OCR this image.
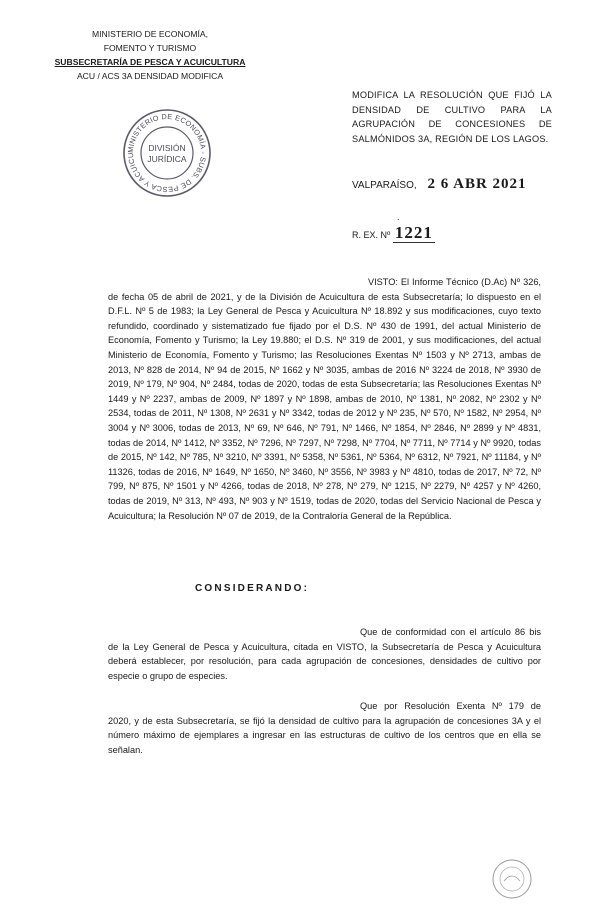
MINISTERIO DE ECONOMÍA,
FOMENTO Y TURISMO
SUBSECRETARÍA DE PESCA Y ACUICULTURA
ACU / ACS 3A DENSIDAD MODIFICA
MINISTERIO DE ECONOMÍA - SUBS. DE PESCA Y ACUICU
DIVISIÓN
JURÍDICA
MODIFICA LA RESOLUCIÓN QUE FIJÓ LA DENSIDAD DE CULTIVO PARA LA AGRUPACIÓN DE CONCESIONES DE SALMÓNIDOS 3A, REGIÓN DE LOS LAGOS.
VALPARAÍSO, 2 6 ABR 2021
.
R. EX. Nº 1221
VISTO: El Informe Técnico (D.Ac) Nº 326, de fecha 05 de abril de 2021, y de la División de Acuicultura de esta Subsecretaría; lo dispuesto en el D.F.L. Nº 5 de 1983; la Ley General de Pesca y Acuicultura Nº 18.892 y sus modificaciones, cuyo texto refundido, coordinado y sistematizado fue fijado por el D.S. Nº 430 de 1991, del actual Ministerio de Economía, Fomento y Turismo; la Ley 19.880; el D.S. Nº 319 de 2001, y sus modificaciones, del actual Ministerio de Economía, Fomento y Turismo; las Resoluciones Exentas Nº 1503 y Nº 2713, ambas de 2013, Nº 828 de 2014, Nº 94 de 2015, Nº 1662 y Nº 3035, ambas de 2016 Nº 3224 de 2018, Nº 3930 de 2019, Nº 179, Nº 904, Nº 2484, todas de 2020, todas de esta Subsecretaría; las Resoluciones Exentas Nº 1449 y Nº 2237, ambas de 2009, Nº 1897 y Nº 1898, ambas de 2010, Nº 1381, Nº 2082, Nº 2302 y Nº 2534, todas de 2011, Nº 1308, Nº 2631 y Nº 3342, todas de 2012 y Nº 235, Nº 570, Nº 1582, Nº 2954, Nº 3004 y Nº 3006, todas de 2013, Nº 69, Nº 646, Nº 791, Nº 1466, Nº 1854, Nº 2846, Nº 2899 y Nº 4831, todas de 2014, Nº 1412, Nº 3352, Nº 7296, Nº 7297, Nº 7298, Nº 7704, Nº 7711, Nº 7714 y Nº 9920, todas de 2015, Nº 142, Nº 785, Nº 3210, Nº 3391, Nº 5358, Nº 5361, Nº 5364, Nº 6312, Nº 7921, Nº 11184, y Nº 11326, todas de 2016, Nº 1649, Nº 1650, Nº 3460, Nº 3556, Nº 3983 y Nº 4810, todas de 2017, Nº 72, Nº 799, Nº 875, Nº 1501 y Nº 4266, todas de 2018, Nº 278, Nº 279, Nº 1215, Nº 2279, Nº 4257 y Nº 4260, todas de 2019, Nº 313, Nº 493, Nº 903 y Nº 1519, todas de 2020, todas del Servicio Nacional de Pesca y Acuicultura; la Resolución Nº 07 de 2019, de la Contraloría General de la República.
CONSIDERANDO:
Que de conformidad con el artículo 86 bis de la Ley General de Pesca y Acuicultura, citada en VISTO, la Subsecretaría de Pesca y Acuicultura deberá establecer, por resolución, para cada agrupación de concesiones, densidades de cultivo por especie o grupo de especies.
Que por Resolución Exenta Nº 179 de 2020, y de esta Subsecretaría, se fijó la densidad de cultivo para la agrupación de concesiones 3A y el número máximo de ejemplares a ingresar en las estructuras de cultivo de los centros que en ella se señalan.
